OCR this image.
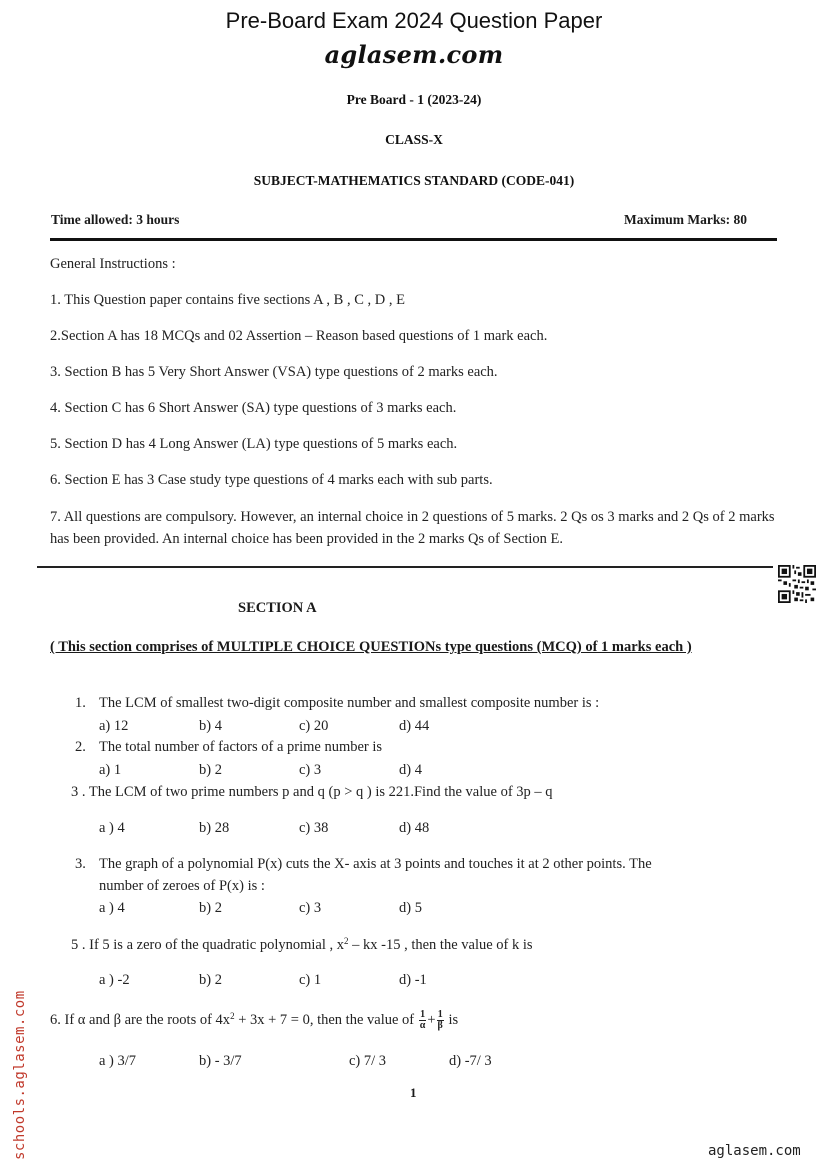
Pre-Board Exam 2024 Question Paper
aglasem.com
Pre Board - 1 (2023-24)
CLASS-X
SUBJECT-MATHEMATICS STANDARD (CODE-041)
Time allowed: 3 hours	Maximum Marks: 80
General Instructions :
1. This Question paper contains five sections A , B , C , D , E
2.Section A has 18 MCQs and 02 Assertion – Reason based questions of 1 mark each.
3. Section B has 5 Very Short Answer (VSA) type questions of 2 marks each.
4. Section C has 6 Short Answer (SA) type questions of 3 marks each.
5. Section D has 4 Long Answer (LA) type questions of 5 marks each.
6. Section E has 3 Case study type questions of 4 marks each with sub parts.
7. All questions are compulsory. However, an internal choice in 2 questions of 5 marks. 2 Qs os 3 marks and 2 Qs of 2 marks has been provided. An internal choice has been provided in the 2 marks Qs of Section E.
SECTION A
( This section comprises of MULTIPLE CHOICE QUESTIONs type questions (MCQ) of 1 marks each )
1. The LCM of smallest two-digit composite number and smallest composite number is :
a) 12	b) 4	c) 20	d) 44
2. The total number of factors of a prime number is
a) 1	b) 2	c) 3	d) 4
3 . The LCM of two prime numbers p and q (p > q ) is 221.Find the value of 3p – q
a ) 4	b) 28	c) 38	d) 48
3. The graph of a polynomial P(x) cuts the X- axis at 3 points and touches it at 2 other points. The
number of zeroes of P(x) is :
a ) 4	b) 2	c) 3	d) 5
5 . If 5 is a zero of the quadratic polynomial , $x^2$ – kx -15 , then the value of k is
a ) -2	b) 2	c) 1	d) -1
6. If α and β are the roots of $4x^2 + 3x + 7 = 0$, then the value of $\frac{1}{\alpha} + \frac{1}{\beta}$ is
a ) 3/7	b) - 3/7	c) 7/ 3	d) -7/ 3
1
schools.aglasem.com	aglasem.com
